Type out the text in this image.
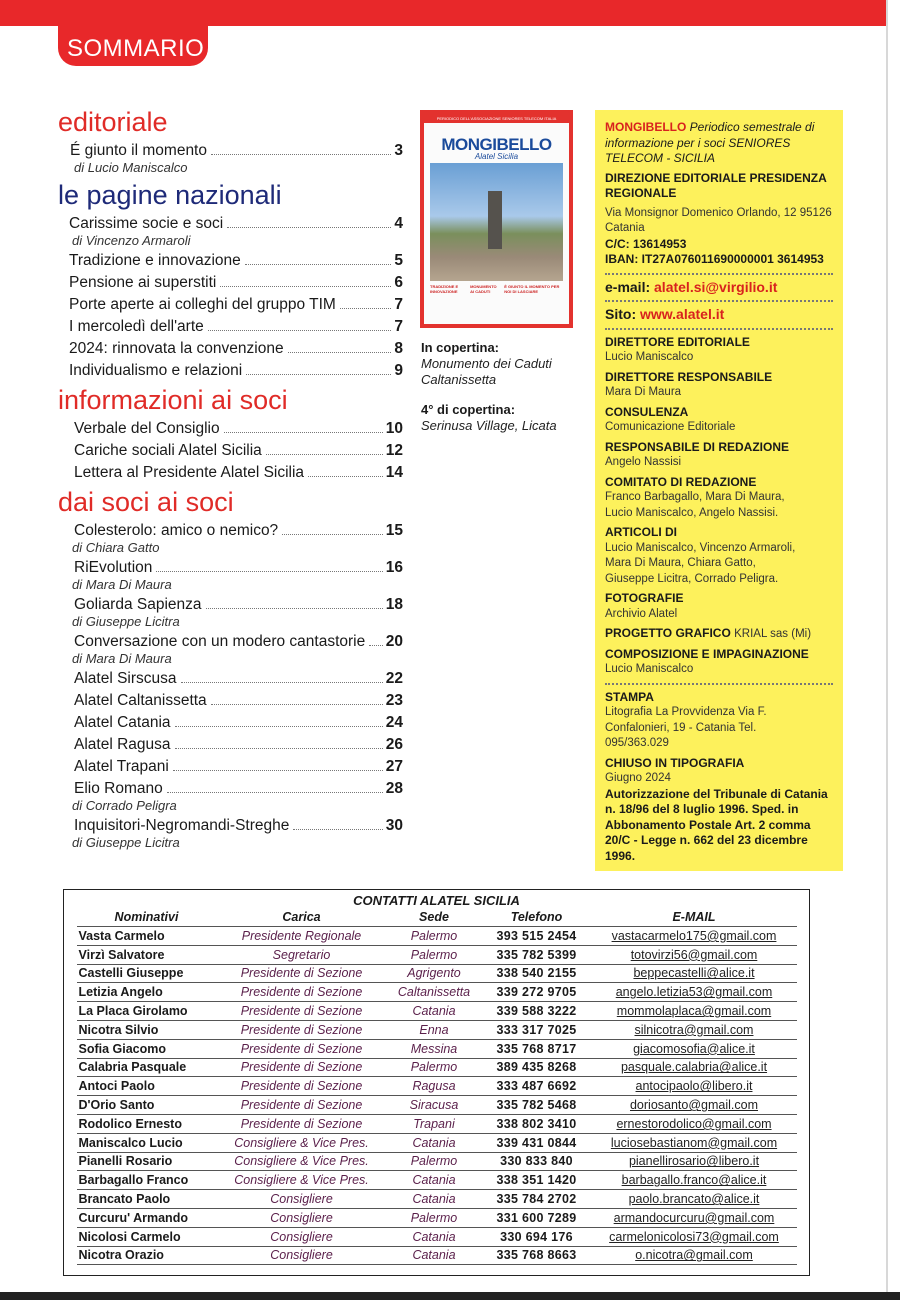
SOMMARIO
editoriale
É giunto il momento	3
di Lucio Maniscalco
le pagine nazionali
Carissime socie e soci	4
di Vincenzo Armaroli
Tradizione e innovazione	5
Pensione ai superstiti	6
Porte aperte ai colleghi del gruppo TIM	7
I mercoledì dell'arte	7
2024: rinnovata la convenzione	8
Individualismo e relazioni	9
informazioni ai soci
Verbale del Consiglio	10
Cariche sociali Alatel Sicilia	12
Lettera al Presidente Alatel Sicilia	14
dai soci ai soci
Colesterolo: amico o nemico?	15
di Chiara Gatto
RiEvolution	16
di Mara Di Maura
Goliarda Sapienza	18
di Giuseppe Licitra
Conversazione con un modero cantastorie 20
di Mara Di Maura
Alatel Sirscusa	22
Alatel Caltanissetta	23
Alatel Catania	24
Alatel Ragusa	26
Alatel Trapani	27
Elio Romano	28
di Corrado Peligra
Inquisitori-Negromandi-Streghe	30
di Giuseppe Licitra
PERIODICO DELL'ASSOCIAZIONE SENIORES TELECOM ITALIA
MONGIBELLO
Alatel Sicilia
TRADIZIONE E INNOVAZIONE
MONUMENTO AI CADUTI
È GIUNTO IL MOMENTO PER NOI DI LASCIARE
In copertina:
Monumento dei Caduti Caltanissetta
4° di copertina:
Serinusa Village, Licata
MONGIBELLO Periodico semestrale di informazione per i soci SENIORES TELECOM - SICILIA
DIREZIONE EDITORIALE PRESIDENZA REGIONALE
Via Monsignor Domenico Orlando, 12 95126 Catania
C/C: 13614953
IBAN: IT27A076011690000001 3614953
e-mail: alatel.si@virgilio.it
Sito: www.alatel.it
DIRETTORE EDITORIALE
Lucio Maniscalco
DIRETTORE RESPONSABILE
Mara Di Maura
CONSULENZA
Comunicazione Editoriale
RESPONSABILE DI REDAZIONE
Angelo Nassisi
COMITATO DI REDAZIONE
Franco Barbagallo, Mara Di Maura, Lucio Maniscalco, Angelo Nassisi.
ARTICOLI DI
Lucio Maniscalco, Vincenzo Armaroli, Mara Di Maura, Chiara Gatto, Giuseppe Licitra, Corrado Peligra.
FOTOGRAFIE
Archivio Alatel
PROGETTO GRAFICO KRIAL sas (Mi)
COMPOSIZIONE E IMPAGINAZIONE
Lucio Maniscalco
STAMPA
Litografia La Provvidenza Via F. Confalonieri, 19 - Catania Tel. 095/363.029
CHIUSO IN TIPOGRAFIA
Giugno 2024
Autorizzazione del Tribunale di Catania n. 18/96 del 8 luglio 1996. Sped. in Abbonamento Postale Art. 2 comma 20/C - Legge n. 662 del 23 dicembre 1996.
CONTATTI ALATEL SICILIA
Nominativi	Carica	Sede	Telefono	E-MAIL
Vasta Carmelo	Presidente Regionale	Palermo	393 515 2454	vastacarmelo175@gmail.com
Virzì Salvatore	Segretario	Palermo	335 782 5399	totovirzi56@gmail.com
Castelli Giuseppe	Presidente di Sezione	Agrigento	338 540 2155	beppecastelli@alice.it
Letizia Angelo	Presidente di Sezione	Caltanissetta	339 272 9705	angelo.letizia53@gmail.com
La Placa Girolamo	Presidente di Sezione	Catania	339 588 3222	mommolaplaca@gmail.com
Nicotra Silvio	Presidente di Sezione	Enna	333 317 7025	silnicotra@gmail.com
Sofia Giacomo	Presidente di Sezione	Messina	335 768 8717	giacomosofia@alice.it
Calabria Pasquale	Presidente di Sezione	Palermo	389 435 8268	pasquale.calabria@alice.it
Antoci Paolo	Presidente di Sezione	Ragusa	333 487 6692	antocipaolo@libero.it
D'Orio Santo	Presidente di Sezione	Siracusa	335 782 5468	doriosanto@gmail.com
Rodolico Ernesto	Presidente di Sezione	Trapani	338 802 3410	ernestorodolico@gmail.com
Maniscalco Lucio	Consigliere & Vice Pres.	Catania	339 431 0844	luciosebastianom@gmail.com
Pianelli Rosario	Consigliere & Vice Pres.	Palermo	330 833 840	pianellirosario@libero.it
Barbagallo Franco	Consigliere & Vice Pres.	Catania	338 351 1420	barbagallo.franco@alice.it
Brancato Paolo	Consigliere	Catania	335 784 2702	paolo.brancato@alice.it
Curcuru' Armando	Consigliere	Palermo	331 600 7289	armandocurcuru@gmail.com
Nicolosi Carmelo	Consigliere	Catania	330 694 176	carmelonicolosi73@gmail.com
Nicotra Orazio	Consigliere	Catania	335 768 8663	o.nicotra@gmail.com
